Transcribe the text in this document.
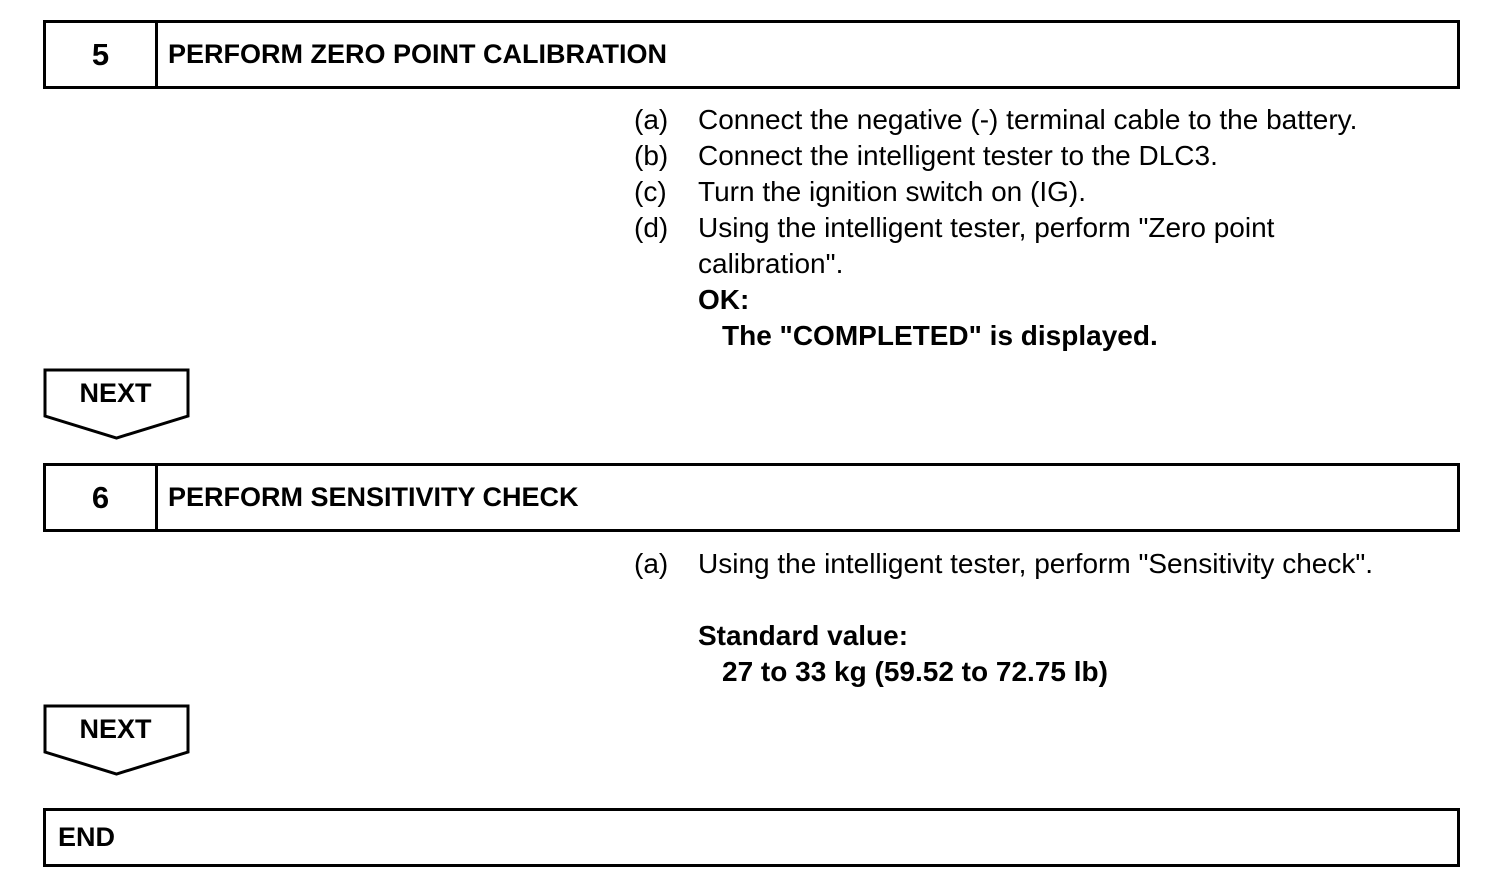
5	PERFORM ZERO POINT CALIBRATION
(a)	Connect the negative (-) terminal cable to the battery.
(b)	Connect the intelligent tester to the DLC3.
(c)	Turn the ignition switch on (IG).
(d)	Using the intelligent tester, perform "Zero point
calibration".
OK:
The "COMPLETED" is displayed.
NEXT
6	PERFORM SENSITIVITY CHECK
(a)	Using the intelligent tester, perform "Sensitivity check".
Standard value:
27 to 33 kg (59.52 to 72.75 lb)
NEXT
END
